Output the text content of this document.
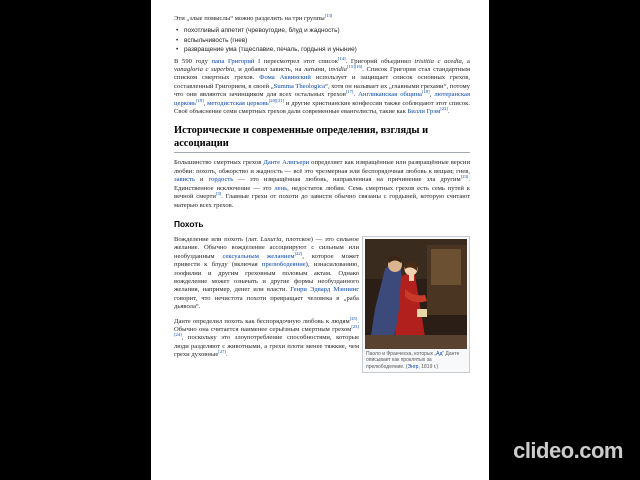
Эти „злые помыслы“ можно разделить на три группы[13]

• похотливый аппетит (чревоугодие, блуд и жадность)
• вспыльчивость (гнев)
• развращение ума (тщеславие, печаль, гордыня и уныние)

В 590 году папа Григорий I пересмотрел этот список[14]. Григорий объединил tristitia с acedia, а vanagloria с superbia, и добавил зависть, на латыни, invidia[15][16]. Список Григория стал стандартным списком смертных грехов. Фома Аквинский использует и защищает список основных грехов, составленный Григорием, в своей „Summa Theologica“, хотя он называет их „главными грехами“, потому что они являются зачинщиком для всех остальных грехов[17]. Англиканская община[18], лютеранская церковь[19], методистская церковь[20][21] и другие христианские конфессии также соблюдают этот список. Своё объяснение семи смертных грехов дали современные евангелисты, такие как Билли Грэм[22].

Исторические и современные определения, взгляды и ассоциации

Большинство смертных грехов Данте Алигьери определяет как извращённые или развращённые версии любви: похоть, обжорство и жадность — всё это чрезмерная или беспорядочная любовь к вещам; гнев, зависть и гордость — это извращённая любовь, направленная на причинение зла другим[23]. Единственное исключение — это лень, недостаток любви. Семь смертных грехов есть семь путей к вечной смерти[3]. Главные грехи от похоти до зависти обычно связаны с гордыней, которую считают матерью всех грехов.

Похоть

Вожделение или похоть (лат. Luxuria, плотское) — это сильное желание. Обычно вожделение ассоциируют с сильным или необузданным сексуальным желанием[22], которое может привести к блуду (включая прелюбодеяние), изнасилованию, зоофилии и другим греховным половым актам. Однако вожделение может означать и другие формы необузданного желания, например, денег или власти. Генри Эдвард Мэннинг говорит, что нечистота похоти превращает человека в „раба дьявола“.

Данте определил похоть как беспорядочную любовь к людям[25]. Обычно она считается наименее серьёзным смертным грехом[23][24], поскольку это злоупотребление способностями, которые люди разделяют с животными, а грехи плоти менее тяжкие, чем грехи духовные[27].	Паоло и Франческа, которых „Ад“ Данте описывает как проклятых за прелюбодеяние. (Энгр, 1819 г.)
clideo.com
